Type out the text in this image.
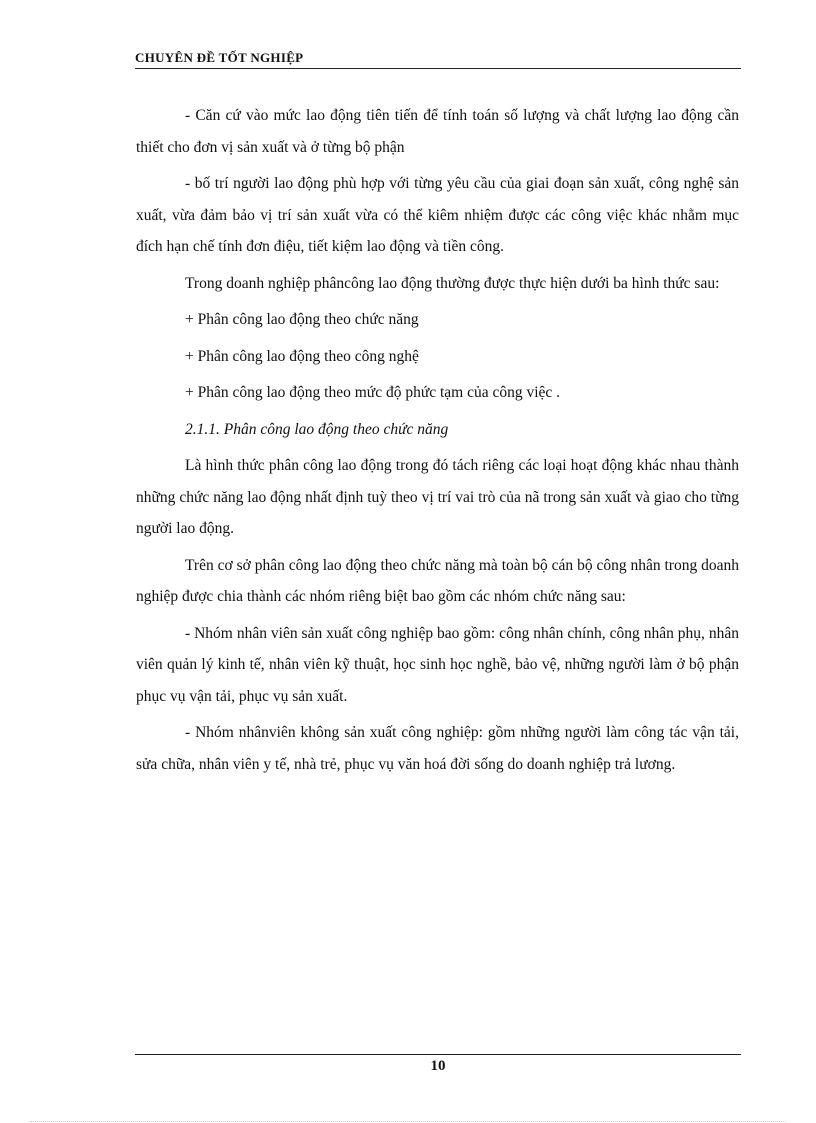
CHUYÊN ĐỀ TỐT NGHIỆP

- Căn cứ vào mức lao động tiên tiến để tính toán số lượng và chất lượng lao động cần thiết cho đơn vị sản xuất và ở từng bộ phận

- bố trí người lao động phù hợp với từng yêu cầu của giai đoạn sản xuất, công nghệ sản xuất, vừa đảm bảo vị trí sản xuất vừa có thể kiêm nhiệm được các công việc khác nhằm mục đích hạn chế tính đơn điệu, tiết kiệm lao động và tiền công.

Trong doanh nghiệp phâncông lao động thường được thực hiện dưới ba hình thức sau:

+ Phân công lao động theo chức năng

+ Phân công lao động theo công nghệ

+ Phân công lao động theo mức độ phức tạm của công việc .

2.1.1. Phân công lao động theo chức năng

Là hình thức phân công lao động trong đó tách riêng các loại hoạt động khác nhau thành những chức năng lao động nhất định tuỳ theo vị trí vai trò của nã trong sản xuất và giao cho từng người lao động.

Trên cơ sở phân công lao động theo chức năng mà toàn bộ cán bộ công nhân trong doanh nghiệp được chia thành các nhóm riêng biệt bao gồm các nhóm chức năng sau:

- Nhóm nhân viên sản xuất công nghiệp bao gồm: công nhân chính, công nhân phụ, nhân viên quản lý kinh tế, nhân viên kỹ thuật, học sinh học nghề, bảo vệ, những người làm ở bộ phận phục vụ vận tải, phục vụ sản xuất.

- Nhóm nhânviên không sản xuất công nghiệp: gồm những người làm công tác vận tải, sửa chữa, nhân viên y tế, nhà trẻ, phục vụ văn hoá đời sống do doanh nghiệp trả lương.

10
